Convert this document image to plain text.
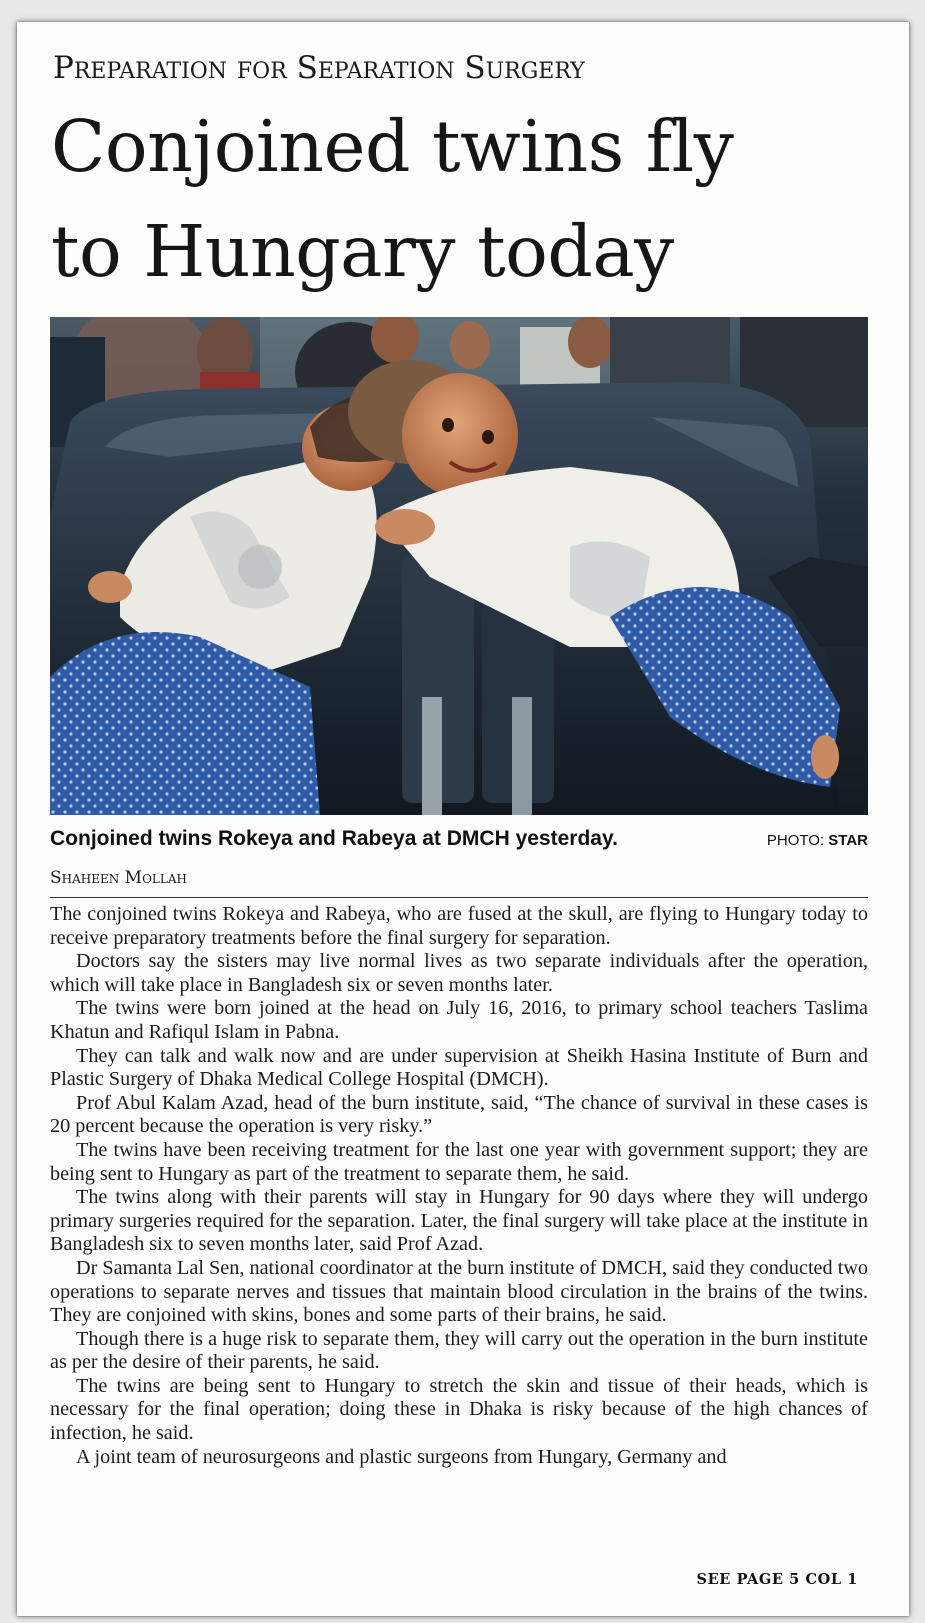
Preparation for Separation Surgery
Conjoined twins fly
to Hungary today
Conjoined twins Rokeya and Rabeya at DMCH yesterday.	PHOTO: STAR
Shaheen Mollah

The conjoined twins Rokeya and Rabeya, who are fused at the skull, are flying to Hungary today to receive preparatory treatments before the final surgery for separation.

Doctors say the sisters may live normal lives as two separate individuals after the operation, which will take place in Bangladesh six or seven months later.

The twins were born joined at the head on July 16, 2016, to primary school teachers Taslima Khatun and Rafiqul Islam in Pabna.

They can talk and walk now and are under supervision at Sheikh Hasina Institute of Burn and Plastic Surgery of Dhaka Medical College Hospital (DMCH).

Prof Abul Kalam Azad, head of the burn institute, said, “The chance of survival in these cases is 20 percent because the operation is very risky.”

The twins have been receiving treatment for the last one year with government support; they are being sent to Hungary as part of the treatment to separate them, he said.

The twins along with their parents will stay in Hungary for 90 days where they will undergo primary surgeries required for the separation. Later, the final surgery will take place at the institute in Bangladesh six to seven months later, said Prof Azad.

Dr Samanta Lal Sen, national coordinator at the burn institute of DMCH, said they conducted two operations to separate nerves and tissues that maintain blood circulation in the brains of the twins. They are conjoined with skins, bones and some parts of their brains, he said.

Though there is a huge risk to separate them, they will carry out the operation in the burn institute as per the desire of their parents, he said.

The twins are being sent to Hungary to stretch the skin and tissue of their heads, which is necessary for the final operation; doing these in Dhaka is risky because of the high chances of infection, he said.

A joint team of neurosurgeons and plastic surgeons from Hungary, Germany and

SEE PAGE 5 COL 1
